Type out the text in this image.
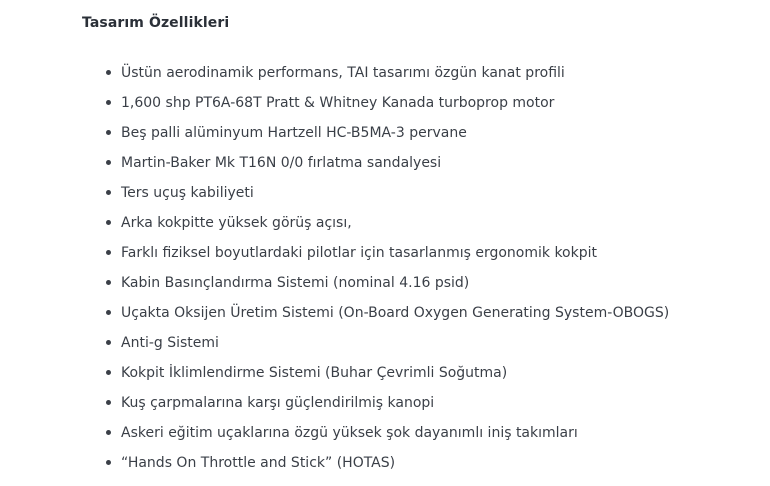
Tasarım Özellikleri
Üstün aerodinamik performans, TAI tasarımı özgün kanat profili
1,600 shp PT6A-68T Pratt & Whitney Kanada turboprop motor
Beş palli alüminyum Hartzell HC-B5MA-3 pervane
Martin-Baker Mk T16N 0/0 fırlatma sandalyesi
Ters uçuş kabiliyeti
Arka kokpitte yüksek görüş açısı,
Farklı fiziksel boyutlardaki pilotlar için tasarlanmış ergonomik kokpit
Kabin Basınçlandırma Sistemi (nominal 4.16 psid)
Uçakta Oksijen Üretim Sistemi (On-Board Oxygen Generating System-OBOGS)
Anti-g Sistemi
Kokpit İklimlendirme Sistemi (Buhar Çevrimli Soğutma)
Kuş çarpmalarına karşı güçlendirilmiş kanopi
Askeri eğitim uçaklarına özgü yüksek şok dayanımlı iniş takımları
“Hands On Throttle and Stick” (HOTAS)
